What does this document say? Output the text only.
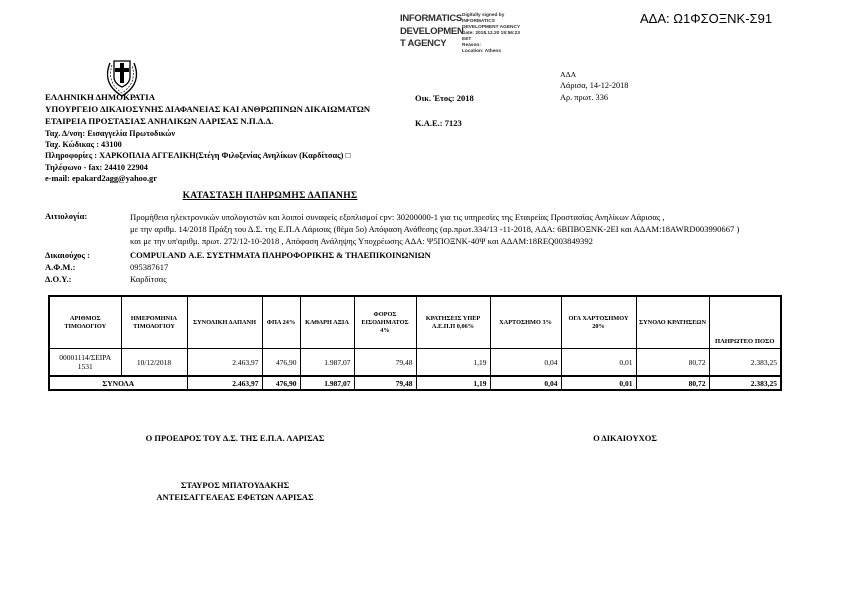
INFORMATICS
DEVELOPMEN
T AGENCY
Digitally signed by
INFORMATICS
DEVELOPMENT AGENCY
Date: 2018.12.20 15:56:23
EET
Reason:
Location: Athens
ΑΔΑ: Ω1ΦΣΟΞΝΚ-Σ91
ΕΛΛΗΝΙΚΗ ΔΗΜΟΚΡΑΤΙΑ
ΥΠΟΥΡΓΕΙΟ ΔΙΚΑΙΟΣΥΝΗΣ ΔΙΑΦΑΝΕΙΑΣ ΚΑΙ ΑΝΘΡΩΠΙΝΩΝ ΔΙΚΑΙΩΜΑΤΩΝ
ΕΤΑΙΡΕΙΑ ΠΡΟΣΤΑΣΙΑΣ ΑΝΗΛΙΚΩΝ ΛΑΡΙΣΑΣ Ν.Π.Δ.Δ.
Ταχ. Δ/νση: Εισαγγελία Πρωτοδικών
Ταχ. Κώδικας : 43100
Πληροφορίες : ΧΑΡΚΟΠΛΙΑ ΑΓΓΕΛΙΚΗ(Στέγη Φιλοξενίας Ανηλίκων (Καρδίτσας) □
Τηλέφωνο - fax: 24410 22904
e-mail: epakard2agg@yahoo.gr
Οικ. Έτος: 2018
Κ.Α.Ε.: 7123
ΑΔΑ
Λάρισα, 14-12-2018
Αρ. πρωτ. 336
ΚΑΤΑΣΤΑΣΗ ΠΛΗΡΩΜΗΣ ΔΑΠΑΝΗΣ
Αιτιολογία:	Προμήθεια ηλεκτρονικών υπολογιστών και λοιποί συναφείς εξοπλισμοί cpv: 30200000-1 για τις υπηρεσίες της Εταιρείας Προστασίας Ανηλίκων Λάρισας ,
με την αριθμ. 14/2018 Πράξη του Δ.Σ. της Ε.Π.Α Λάρισας (θέμα 5ο) Απόφαση Ανάθεσης (αρ.πρωτ.334/13 -11-2018, ΑΔΑ: 6ΒΠΒΟΞΝΚ-2ΕΙ και ΑΔΑΜ:18AWRD003990667 )
και με την υπ'αριθμ. πρωτ. 272/12-10-2018 , Απόφαση Ανάληψης Υποχρέωσης ΑΔΑ: Ψ5ΠΟΞΝΚ-40Ψ και ΑΔΑΜ:18REQ003849392
Δικαιούχος :	COMPULAND Α.Ε. ΣΥΣΤΗΜΑΤΑ ΠΛΗΡΟΦΟΡΙΚΗΣ & ΤΗΛΕΠΙΚΟΙΝΩΝΙΩΝ
Α.Φ.Μ.:	095387617
Δ.Ο.Υ.:	Καρδίτσας
ΑΡΙΘΜΟΣ ΤΙΜΟΛΟΓΙΟΥ	ΗΜΕΡΟΜΗΝΙΑ ΤΙΜΟΛΟΓΙΟΥ	ΣΥΝΟΛΙΚΗ ΔΑΠΑΝΗ	ΦΠΑ 24%	ΚΑΘΑΡΗ ΑΞΙΑ	ΦΟΡΟΣ ΕΙΣΟΔΗΜΑΤΟΣ 4%	ΚΡΑΤΗΣΕΙΣ ΥΠΕΡ Α.Ε.Π.Π 0,06%	ΧΑΡΤΟΣΗΜΟ 3%	ΟΓΑ ΧΑΡΤΟΣΗΜΟΥ 20%	ΣΥΝΟΛΟ ΚΡΑΤΗΣΕΩΝ	ΠΛΗΡΩΤΕΟ ΠΟΣΟ
00001114/ΣΕΙΡΑ 1531	10/12/2018	2.463,97	476,90	1.987,07	79,48	1,19	0,04	0,01	80,72	2.383,25
ΣΥΝΟΛΑ		2.463,97	476,90	1.987,07	79,48	1,19	0,04	0,01	80,72	2.383,25
Ο ΠΡΟΕΔΡΟΣ ΤΟΥ Δ.Σ. ΤΗΣ Ε.Π.Α. ΛΑΡΙΣΑΣ	Ο ΔΙΚΑΙΟΥΧΟΣ
ΣΤΑΥΡΟΣ ΜΠΑΤΟΥΔΑΚΗΣ
ΑΝΤΕΙΣΑΓΓΕΛΕΑΣ ΕΦΕΤΩΝ ΛΑΡΙΣΑΣ
